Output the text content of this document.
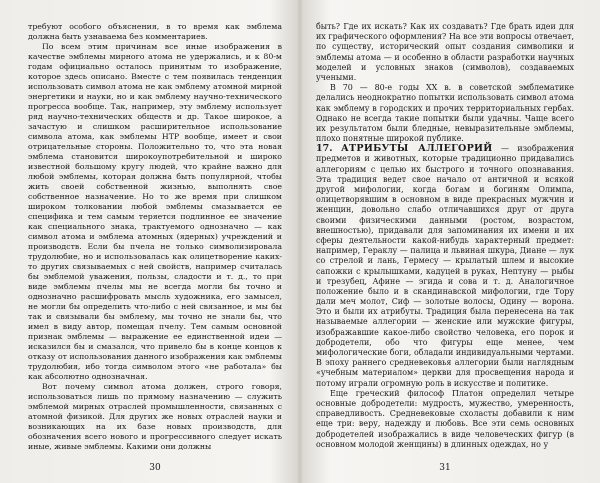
требуют особого объяснения, в то время как эмблема должна быть узнаваема без комментариев.

По всем этим причинам все иные изображения в качестве эмблемы мирного атома не удержались, и к 80-м годам официально осталось принятым то изображение, которое здесь описано. Вместе с тем появилась тенденция использовать символ атома не как эмблему атомной мирной энергетики и науки, но и как эмблему научно-технического прогресса вообще. Так, например, эту эмблему использует ряд научно-технических обществ и др. Такое широкое, а зачастую и слишком расширительное использование символа атома, как эмблемы НТР вообще, имеет и свои отрицательные стороны. Положительно то, что эта новая эмблема становится широкоупотребительной и широко известной большому кругу людей, что крайне важно для любой эмблемы, которая должна быть популярной, чтобы жить своей собственной жизнью, выполнять свое собственное назначение. Но то же время при слишком широком толковании любой эмблемы смазывается ее специфика и тем самым теряется подлинное ее значение как специального знака, трактуемого однозначно — как символ атома и эмблема атомных (ядерных) учреждений и производств. Если бы пчела не только символизировала трудолюбие, но и использовалась как олицетворение каких-то других связываемых с ней свойств, например считалась бы эмблемой уважения, пользы, сладости и т. д., то при виде эмблемы пчелы мы не всегда могли бы точно и однозначно расшифровать мысль художника, его замысел, не могли бы определить что-либо с ней связанное, и мы бы так и связывали бы эмблему, мы точно не знали бы, что имел в виду автор, помещая пчелу. Тем самым основной признак эмблемы — выражение ее единственной идеи — исказился бы и смазался, что привело бы в конце концов к отказу от использования данного изображения как эмблемы трудолюбия, ибо тогда символом этого «не работала» бы как абсолютно однозначная.

Вот почему символ атома должен, строго говоря, использоваться лишь по прямому назначению — служить эмблемой мирных отраслей промышленности, связанных с атомной физикой. Для других же новых отраслей науки и возникающих на их базе новых производств, для обозначения всего нового и прогрессивного следует искать иные, живые эмблемы. Какими они должны

30

быть? Где их искать? Как их создавать? Где брать идеи для их графического оформления? На все эти вопросы отвечает, по существу, исторический опыт создания символики и эмблемы атома — и особенно в области разработки научных моделей и условных знаков (символов), создаваемых учеными.

В 70 — 80-е годы XX в. в советской эмблематике делались неоднократно попытки использовать символ атома как эмблему в городских и прочих территориальных гербах. Однако не всегда такие попытки были удачны. Чаще всего их результатом были бледные, невыразительные эмблемы, плохо понятные широкой публике.

17. АТРИБУТЫ АЛЛЕГОРИЙ — изображения предметов и животных, которые традиционно придавались аллегориям с целью их быстрого и точного опознавания. Эта традиция ведет свое начало от античной и всякой другой мифологии, когда богам и богиням Олимпа, олицетворявшим в основном в виде прекрасных мужчин и женщин, довольно слабо отличавшихся друг от друга своими физическими данными (ростом, возрастом, внешностью), придавали для запоминания их имени и их сферы деятельности какой-нибудь характерный предмет: например, Гераклу — палица и львиная шкура, Диане — лук со стрелой и лань, Гермесу — крылатый шлем и высокие сапожки с крылышками, кадуцей в руках, Нептуну — рыбы и трезубец, Афине — эгида и сова и т. д. Аналогичное положение было и в скандинавской мифологии, где Тору дали меч молот, Сиф — золотые волосы, Одину — ворона. Это и были их атрибуты. Традиция была перенесена на так называемые аллегории — женские или мужские фигуры, изображавшие какое-либо свойство человека, его порок и добродетели, обо что фигуры еще менее, чем мифологические боги, обладали индивидуальными чертами. В эпоху раннего средневековья аллегории были наглядным «учебным материалом» церкви для просвещения народа и потому играли огромную роль в искусстве и политике.

Еще греческий философ Платон определил четыре основные добродетели: мудрость, мужество, умеренность, справедливость. Средневековые схоласты добавили к ним еще три: веру, надежду и любовь. Все эти семь основных добродетелей изображались в виде человеческих фигур (в основном молодой женщины) в длинных одеждах, но у

31
